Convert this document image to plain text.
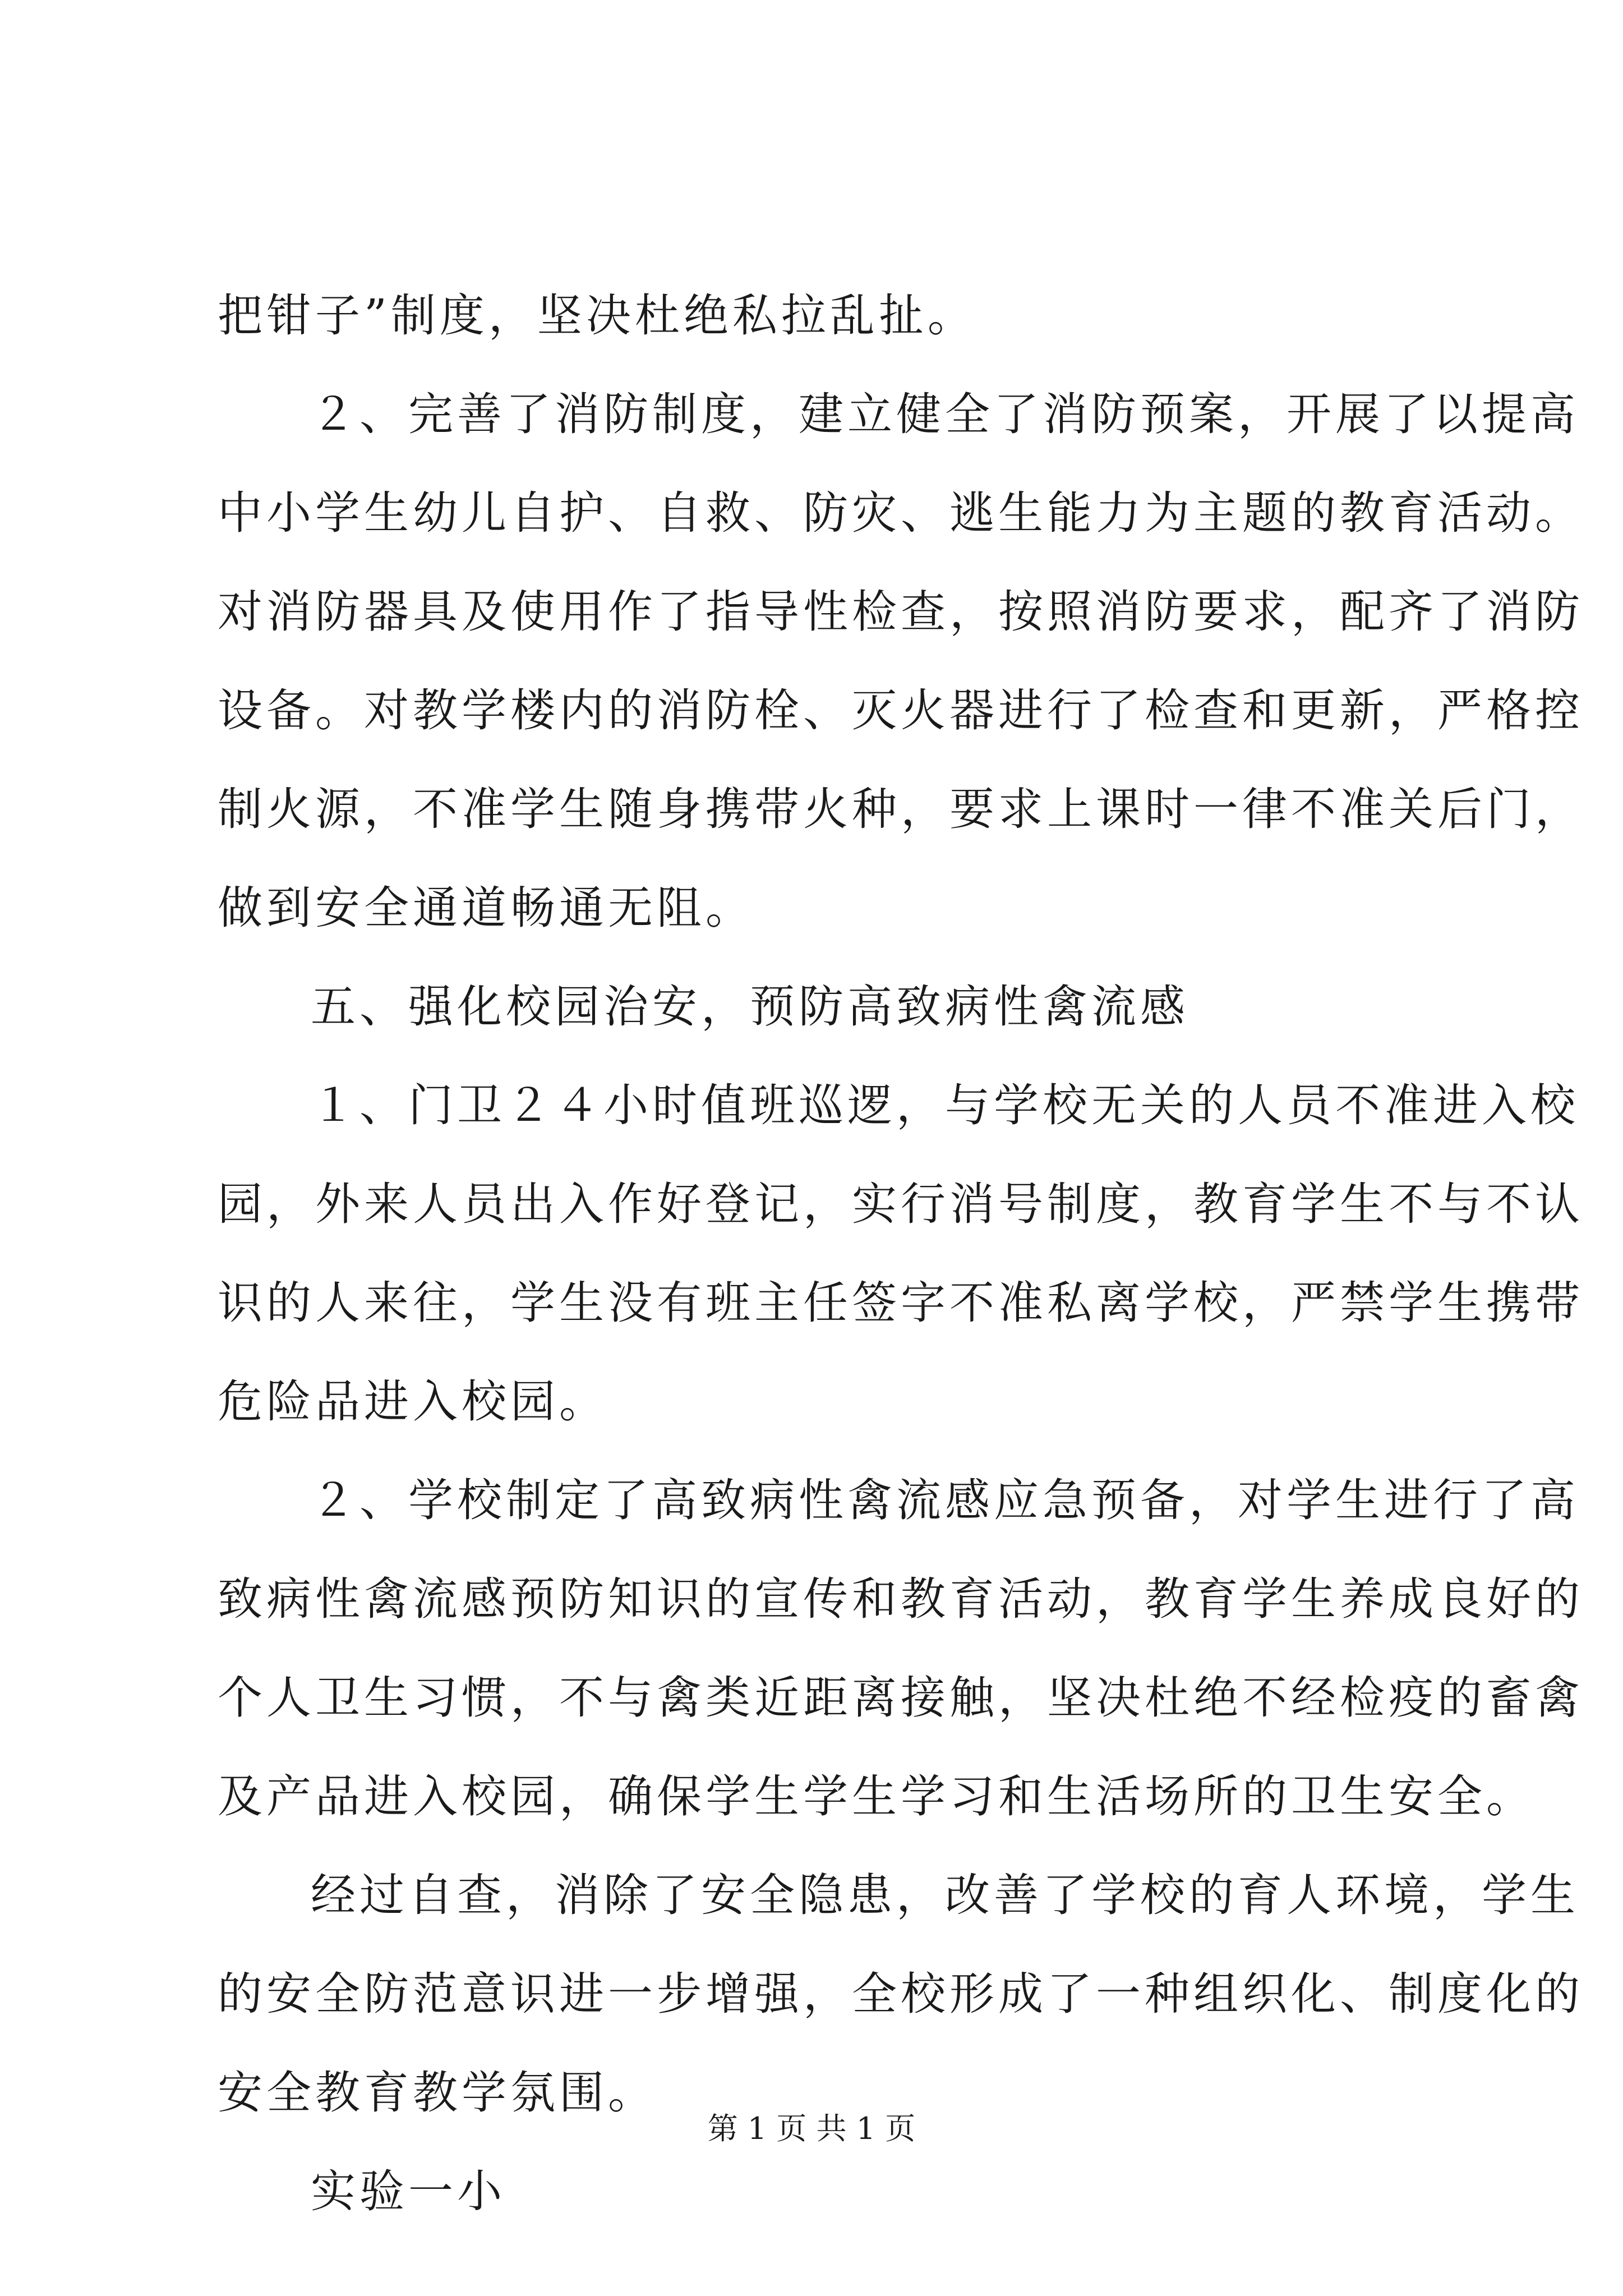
把钳子”制度，坚决杜绝私拉乱扯。
２、完善了消防制度，建立健全了消防预案，开展了以提高
中小学生幼儿自护、自救、防灾、逃生能力为主题的教育活动。
对消防器具及使用作了指导性检查，按照消防要求，配齐了消防
设备。对教学楼内的消防栓、灭火器进行了检查和更新，严格控
制火源，不准学生随身携带火种，要求上课时一律不准关后门，
做到安全通道畅通无阻。
五、强化校园治安，预防高致病性禽流感
１、门卫２４小时值班巡逻，与学校无关的人员不准进入校
园，外来人员出入作好登记，实行消号制度，教育学生不与不认
识的人来往，学生没有班主任签字不准私离学校，严禁学生携带
危险品进入校园。
２、学校制定了高致病性禽流感应急预备，对学生进行了高
致病性禽流感预防知识的宣传和教育活动，教育学生养成良好的
个人卫生习惯，不与禽类近距离接触，坚决杜绝不经检疫的畜禽
及产品进入校园，确保学生学生学习和生活场所的卫生安全。
经过自查，消除了安全隐患，改善了学校的育人环境，学生
的安全防范意识进一步增强，全校形成了一种组织化、制度化的
安全教育教学氛围。
实验一小
第 1 页 共 1 页
